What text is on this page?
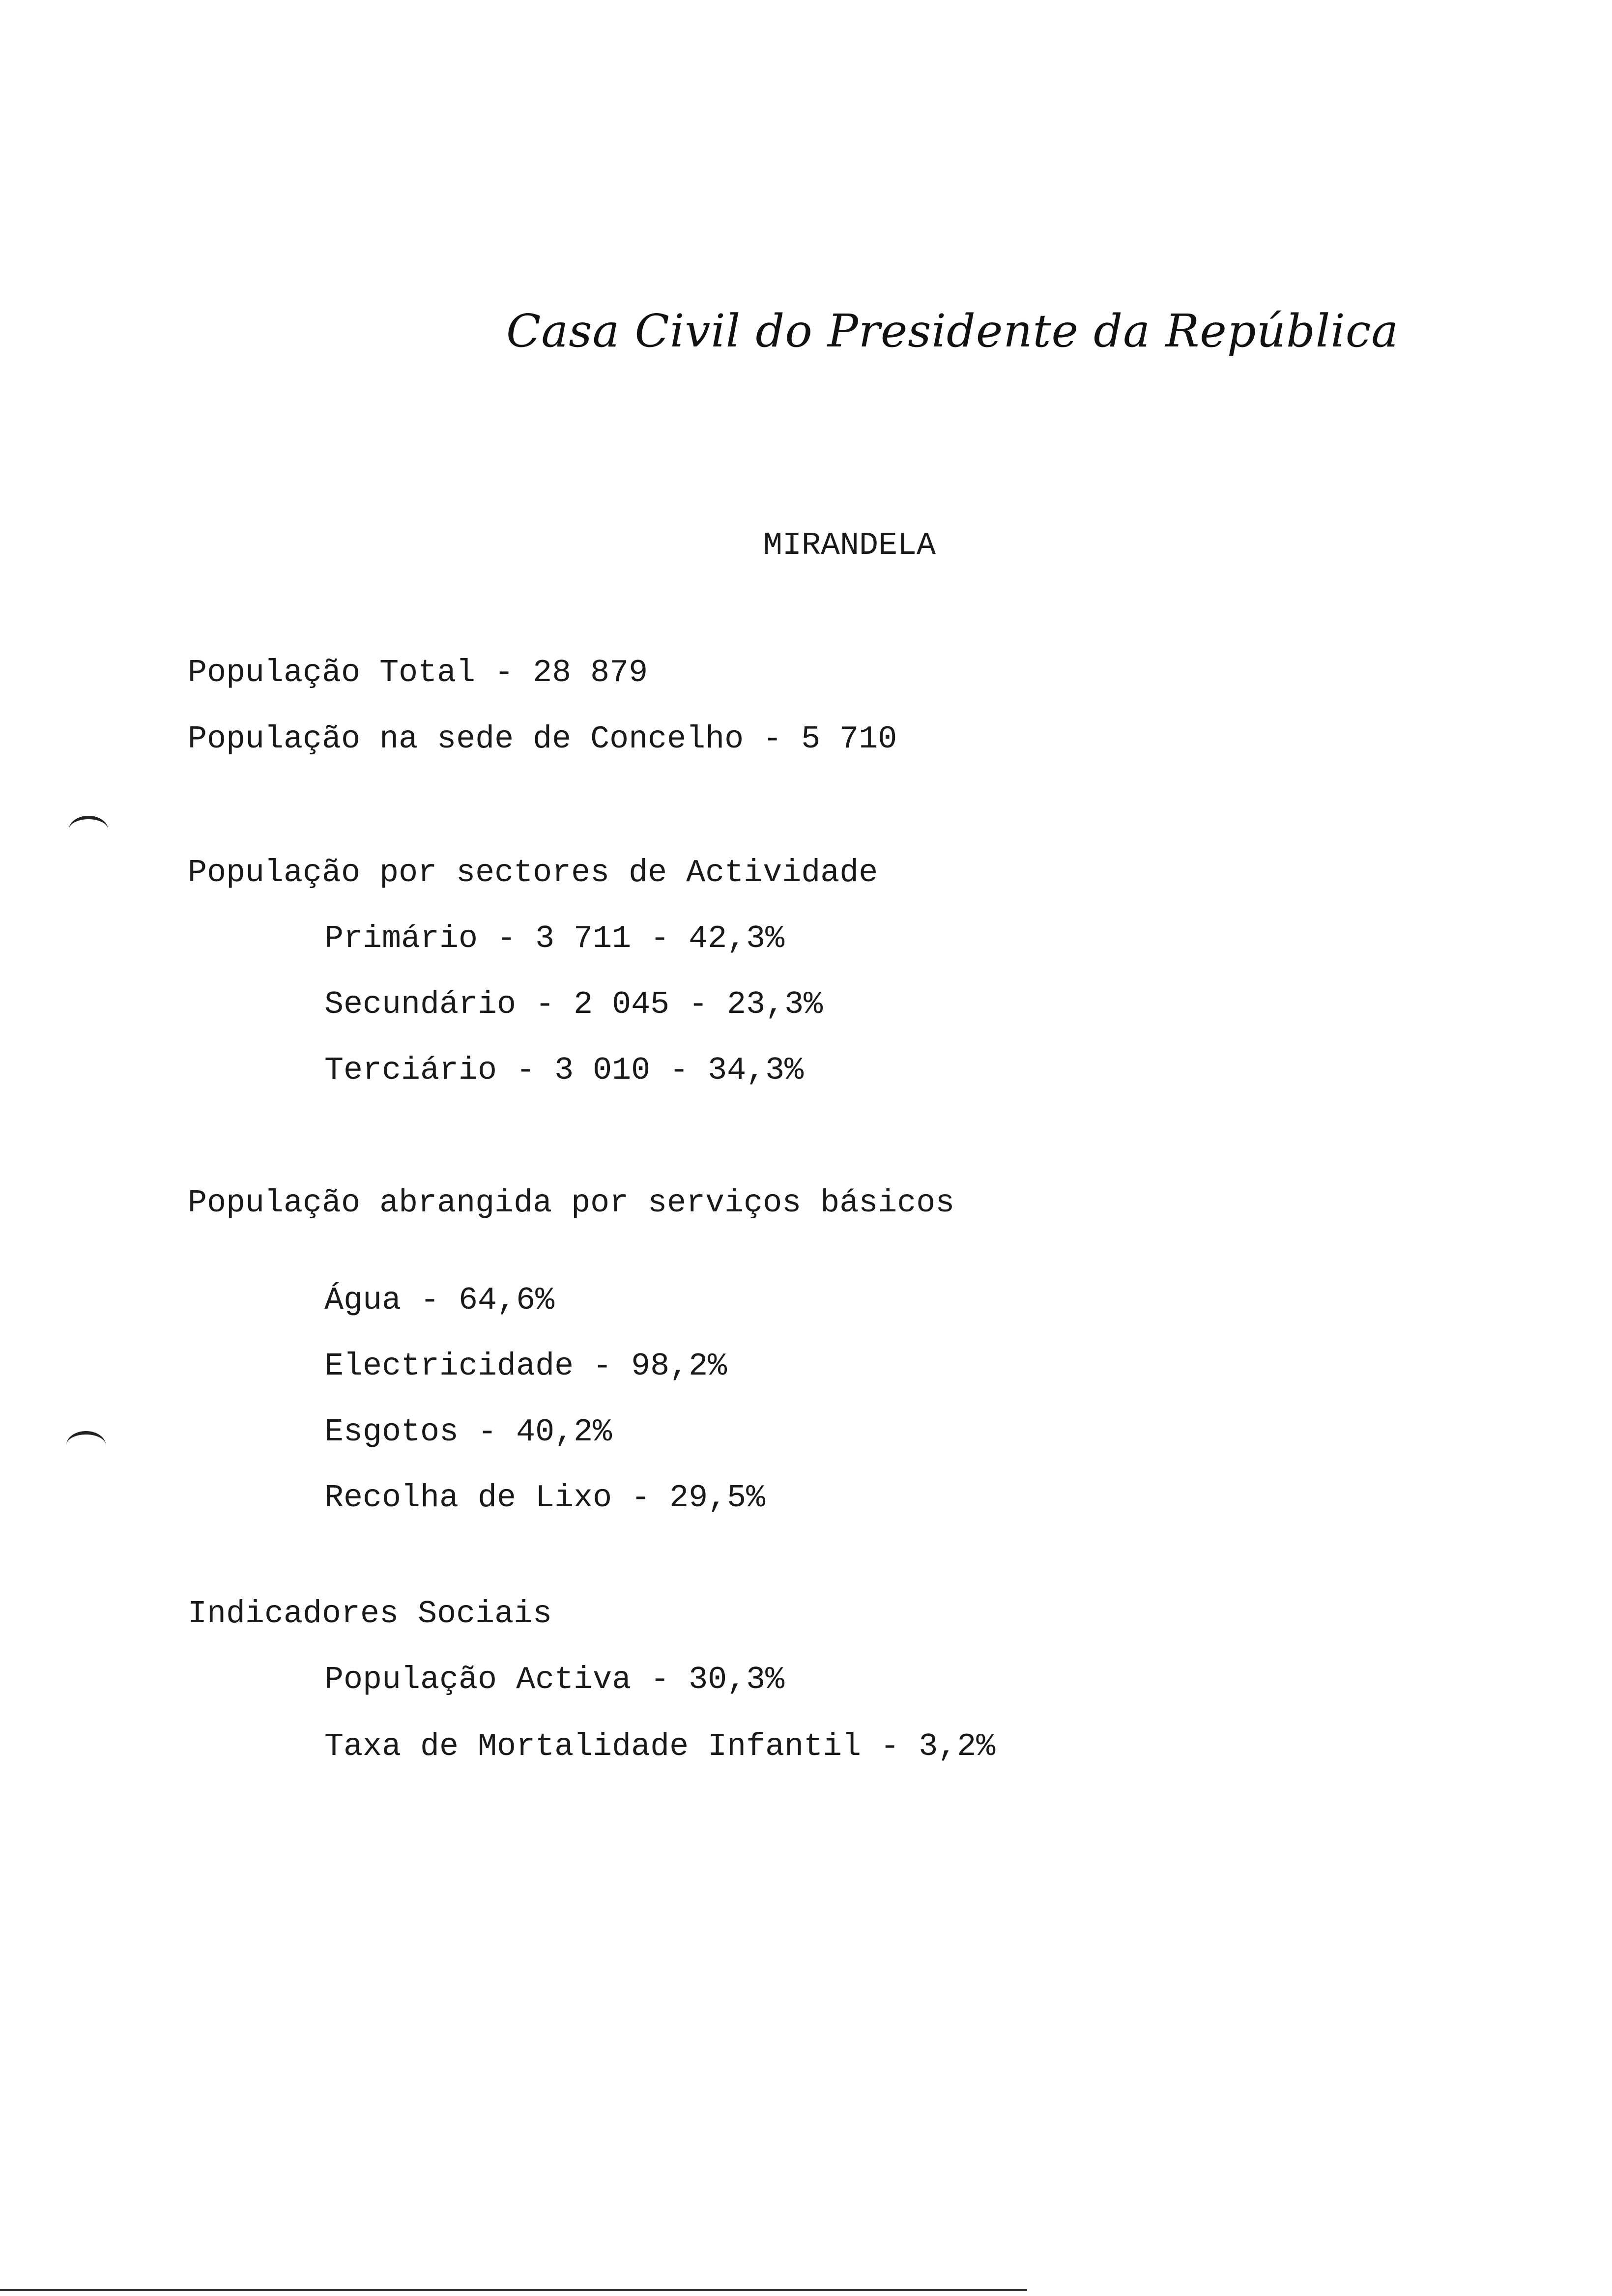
Casa Civil do Presidente da República
MIRANDELA
População Total - 28 879
População na sede de Concelho - 5 710
População por sectores de Actividade
Primário - 3 711 - 42,3%
Secundário - 2 045 - 23,3%
Terciário - 3 010 - 34,3%
População abrangida por serviços básicos
Água - 64,6%
Electricidade - 98,2%
Esgotos - 40,2%
Recolha de Lixo - 29,5%
Indicadores Sociais
População Activa - 30,3%
Taxa de Mortalidade Infantil - 3,2%
